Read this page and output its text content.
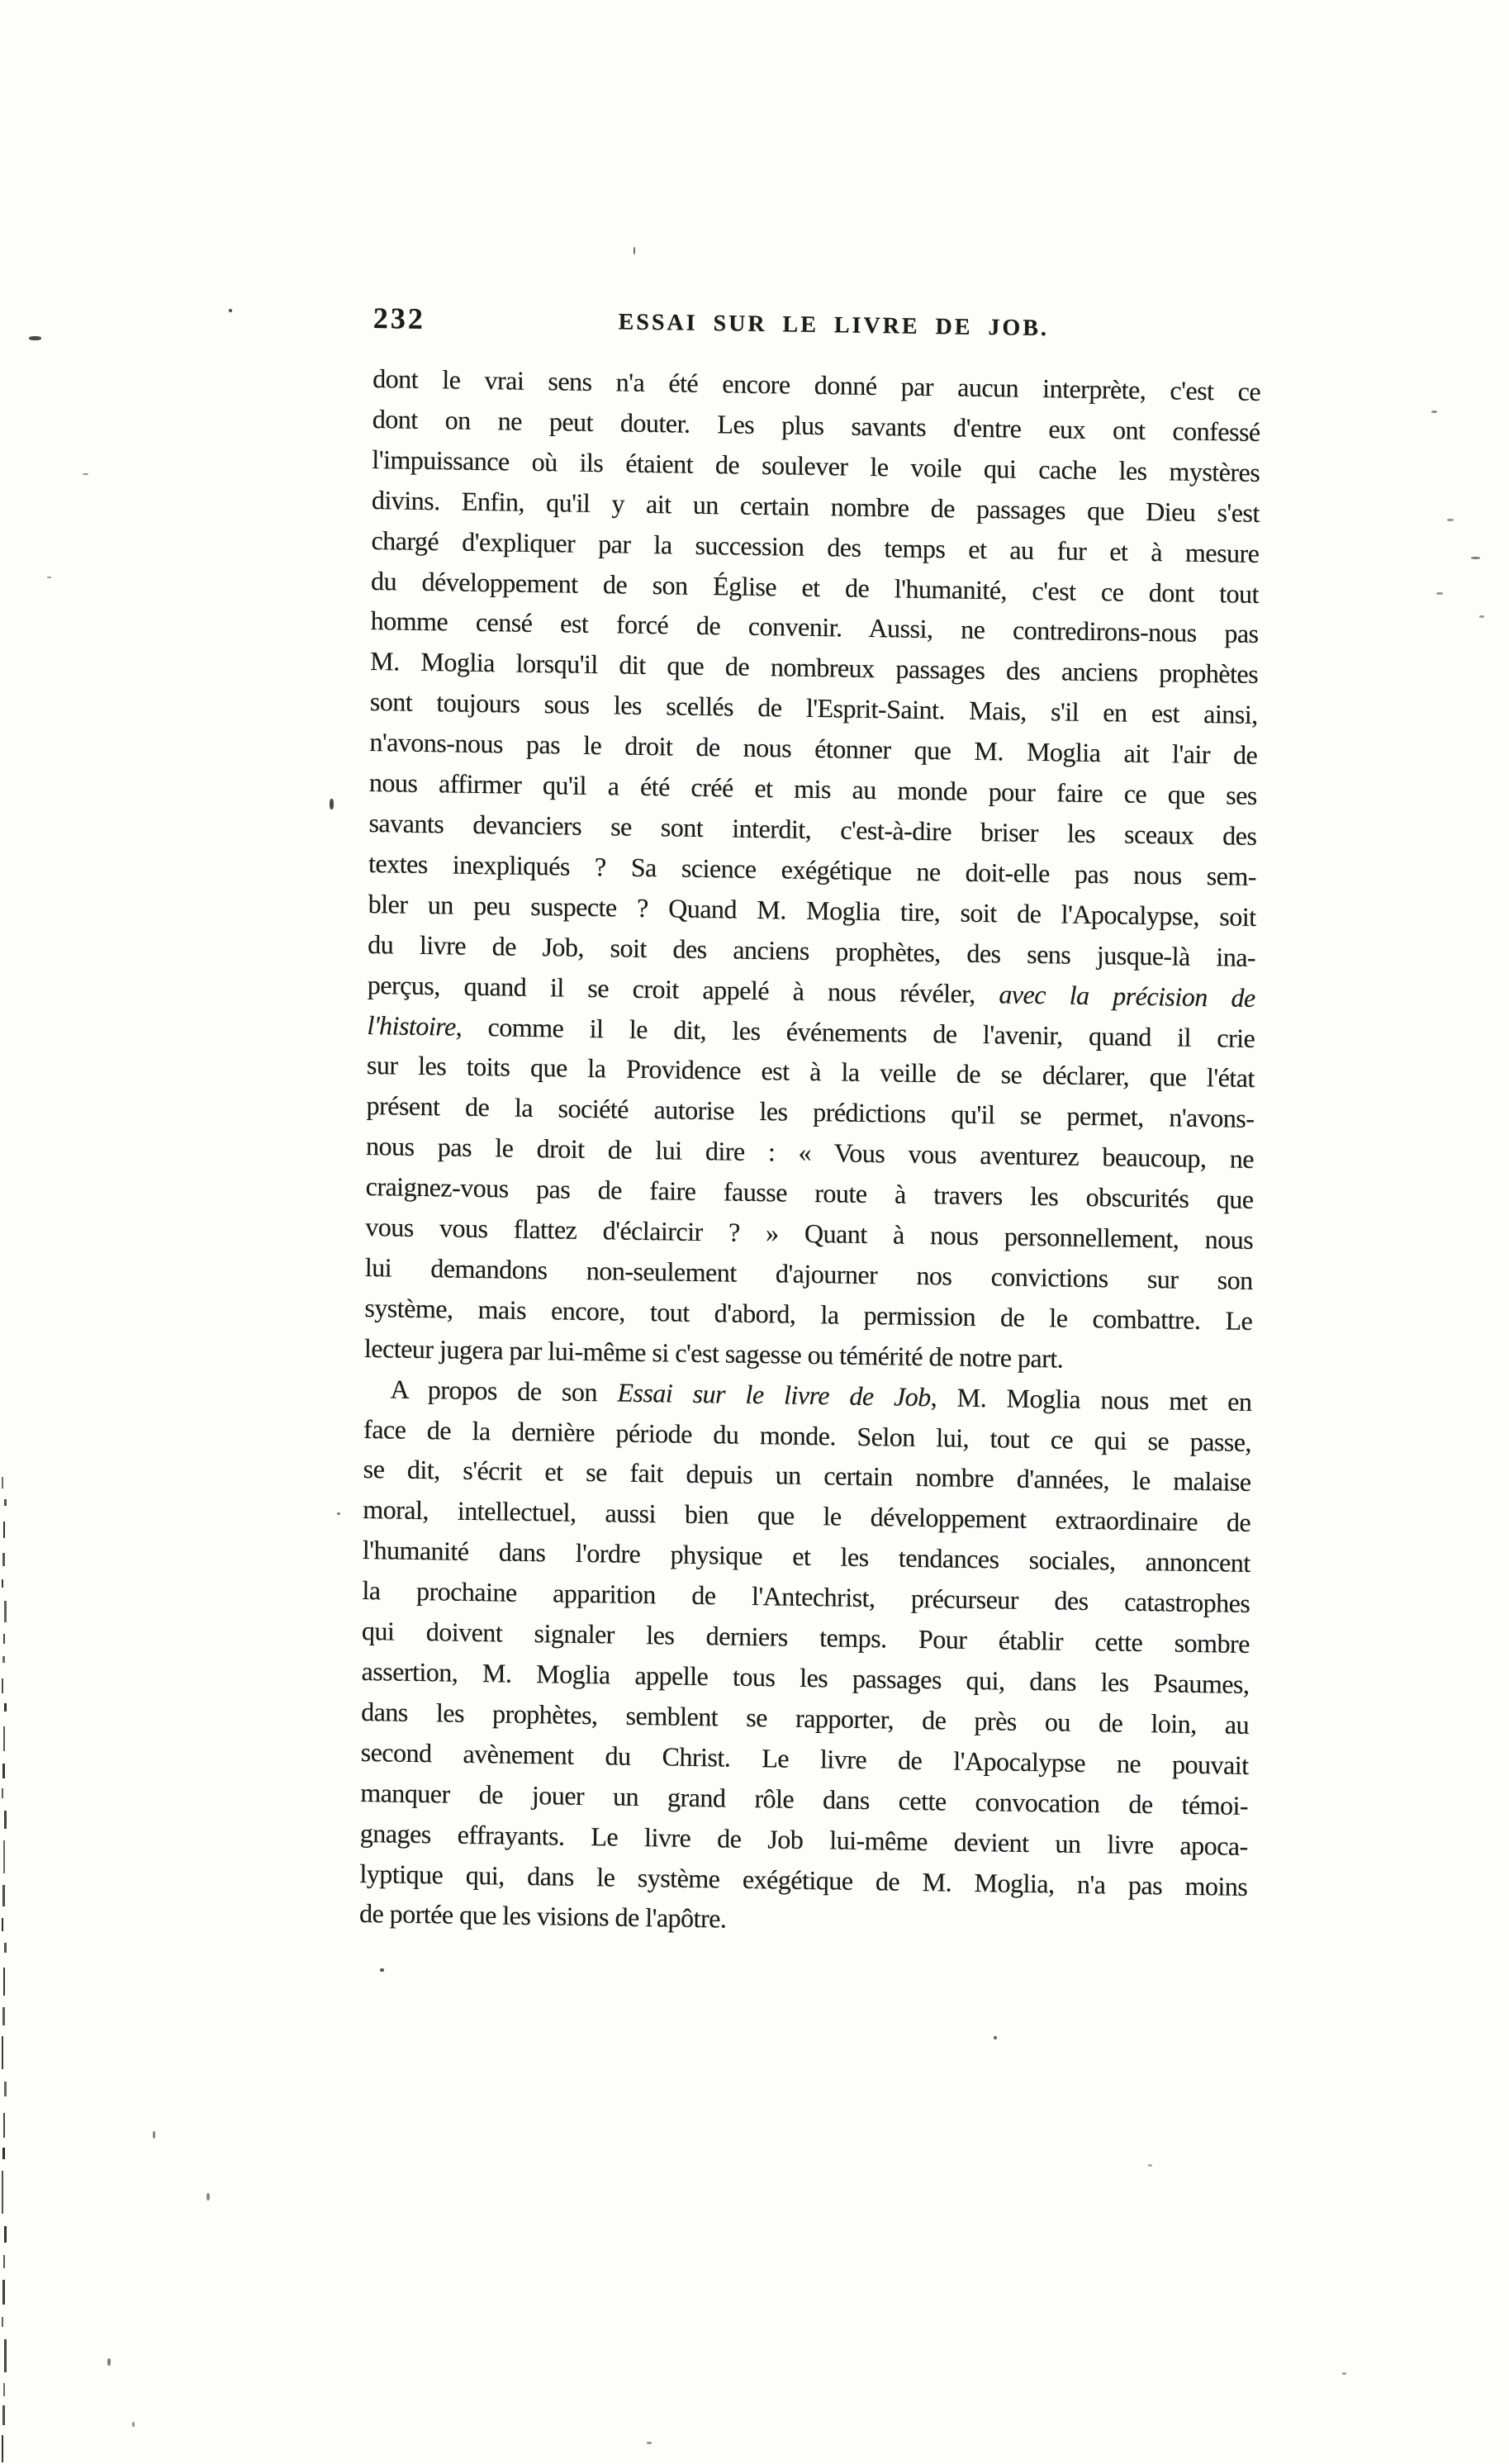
232	ESSAI SUR LE LIVRE DE JOB.
dont le vrai sens n'a été encore donné par aucun interprète, c'est ce
dont on ne peut douter. Les plus savants d'entre eux ont confessé
l'impuissance où ils étaient de soulever le voile qui cache les mystères
divins. Enfin, qu'il y ait un certain nombre de passages que Dieu s'est
chargé d'expliquer par la succession des temps et au fur et à mesure
du développement de son Église et de l'humanité, c'est ce dont tout
homme censé est forcé de convenir. Aussi, ne contredirons-nous pas
M. Moglia lorsqu'il dit que de nombreux passages des anciens prophètes
sont toujours sous les scellés de l'Esprit-Saint. Mais, s'il en est ainsi,
n'avons-nous pas le droit de nous étonner que M. Moglia ait l'air de
nous affirmer qu'il a été créé et mis au monde pour faire ce que ses
savants devanciers se sont interdit, c'est-à-dire briser les sceaux des
textes inexpliqués ? Sa science exégétique ne doit-elle pas nous sem-
bler un peu suspecte ? Quand M. Moglia tire, soit de l'Apocalypse, soit
du livre de Job, soit des anciens prophètes, des sens jusque-là ina-
perçus, quand il se croit appelé à nous révéler, avec la précision de
l'histoire, comme il le dit, les événements de l'avenir, quand il crie
sur les toits que la Providence est à la veille de se déclarer, que l'état
présent de la société autorise les prédictions qu'il se permet, n'avons-
nous pas le droit de lui dire : « Vous vous aventurez beaucoup, ne
craignez-vous pas de faire fausse route à travers les obscurités que
vous vous flattez d'éclaircir ? » Quant à nous personnellement, nous
lui demandons non-seulement d'ajourner nos convictions sur son
système, mais encore, tout d'abord, la permission de le combattre. Le
lecteur jugera par lui-même si c'est sagesse ou témérité de notre part.
A propos de son Essai sur le livre de Job, M. Moglia nous met en
face de la dernière période du monde. Selon lui, tout ce qui se passe,
se dit, s'écrit et se fait depuis un certain nombre d'années, le malaise
moral, intellectuel, aussi bien que le développement extraordinaire de
l'humanité dans l'ordre physique et les tendances sociales, annoncent
la prochaine apparition de l'Antechrist, précurseur des catastrophes
qui doivent signaler les derniers temps. Pour établir cette sombre
assertion, M. Moglia appelle tous les passages qui, dans les Psaumes,
dans les prophètes, semblent se rapporter, de près ou de loin, au
second avènement du Christ. Le livre de l'Apocalypse ne pouvait
manquer de jouer un grand rôle dans cette convocation de témoi-
gnages effrayants. Le livre de Job lui-même devient un livre apoca-
lyptique qui, dans le système exégétique de M. Moglia, n'a pas moins
de portée que les visions de l'apôtre.
